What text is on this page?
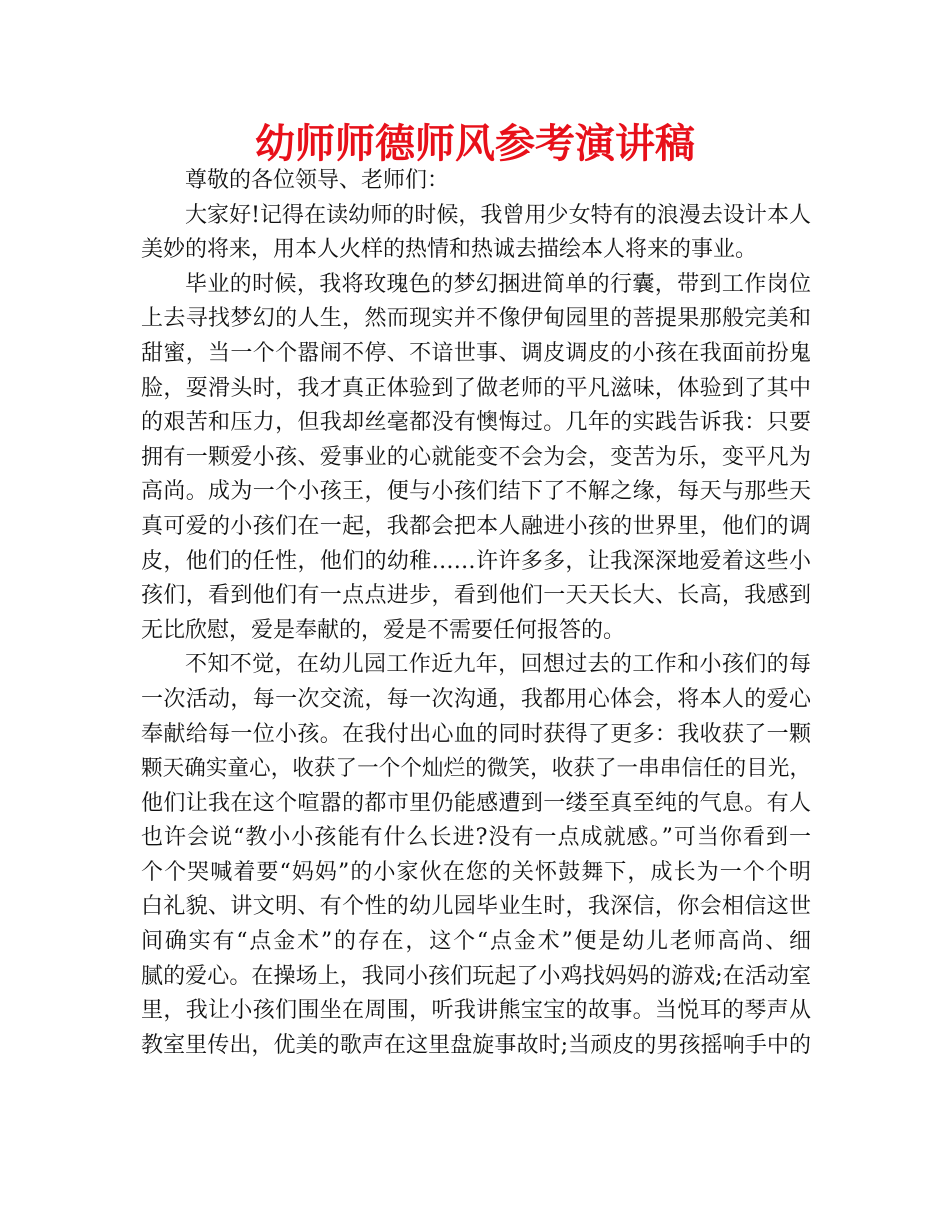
幼师师德师风参考演讲稿
尊敬的各位领导、老师们：
大家好!记得在读幼师的时候，我曾用少女特有的浪漫去设计本人
美妙的将来，用本人火样的热情和热诚去描绘本人将来的事业。
毕业的时候，我将玫瑰色的梦幻捆进简单的行囊，带到工作岗位
上去寻找梦幻的人生，然而现实并不像伊甸园里的菩提果那般完美和
甜蜜，当一个个嚣闹不停、不谙世事、调皮调皮的小孩在我面前扮鬼
脸，耍滑头时，我才真正体验到了做老师的平凡滋味，体验到了其中
的艰苦和压力，但我却丝毫都没有懊悔过。几年的实践告诉我：只要
拥有一颗爱小孩、爱事业的心就能变不会为会，变苦为乐，变平凡为
高尚。成为一个小孩王，便与小孩们结下了不解之缘，每天与那些天
真可爱的小孩们在一起，我都会把本人融进小孩的世界里，他们的调
皮，他们的任性，他们的幼稚……许许多多，让我深深地爱着这些小
孩们，看到他们有一点点进步，看到他们一天天长大、长高，我感到
无比欣慰，爱是奉献的，爱是不需要任何报答的。
不知不觉，在幼儿园工作近九年，回想过去的工作和小孩们的每
一次活动，每一次交流，每一次沟通，我都用心体会，将本人的爱心
奉献给每一位小孩。在我付出心血的同时获得了更多：我收获了一颗
颗天确实童心，收获了一个个灿烂的微笑，收获了一串串信任的目光，
他们让我在这个喧嚣的都市里仍能感遭到一缕至真至纯的气息。有人
也许会说“教小小孩能有什么长进?没有一点成就感。”可当你看到一
个个哭喊着要“妈妈”的小家伙在您的关怀鼓舞下，成长为一个个明
白礼貌、讲文明、有个性的幼儿园毕业生时，我深信，你会相信这世
间确实有“点金术”的存在，这个“点金术”便是幼儿老师高尚、细
腻的爱心。在操场上，我同小孩们玩起了小鸡找妈妈的游戏;在活动室
里，我让小孩们围坐在周围，听我讲熊宝宝的故事。当悦耳的琴声从
教室里传出，优美的歌声在这里盘旋事故时;当顽皮的男孩摇响手中的
